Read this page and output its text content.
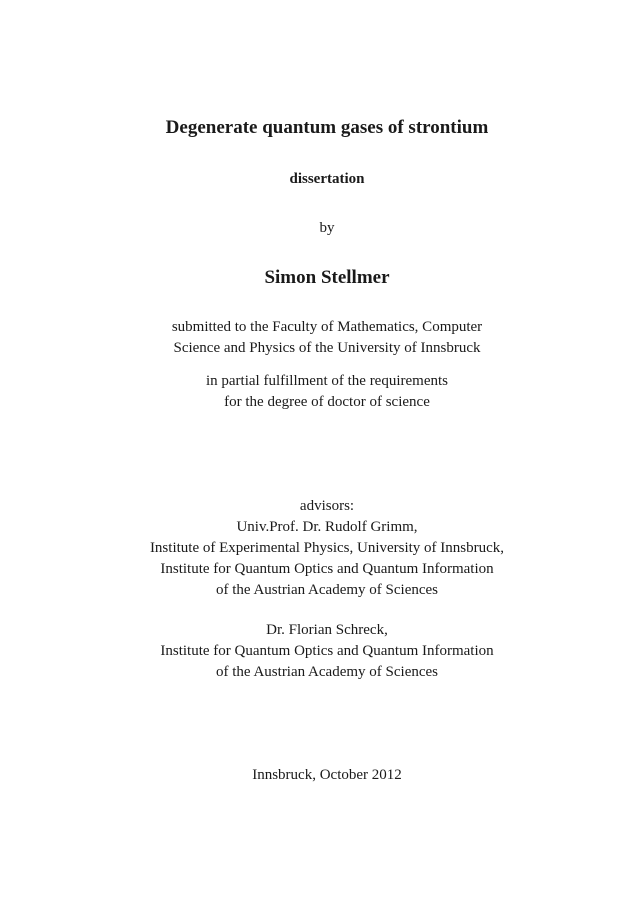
Degenerate quantum gases of strontium
dissertation
by
Simon Stellmer
submitted to the Faculty of Mathematics, Computer
Science and Physics of the University of Innsbruck
in partial fulfillment of the requirements
for the degree of doctor of science
advisors:
Univ.Prof. Dr. Rudolf Grimm,
Institute of Experimental Physics, University of Innsbruck,
Institute for Quantum Optics and Quantum Information
of the Austrian Academy of Sciences
Dr. Florian Schreck,
Institute for Quantum Optics and Quantum Information
of the Austrian Academy of Sciences
Innsbruck, October 2012
